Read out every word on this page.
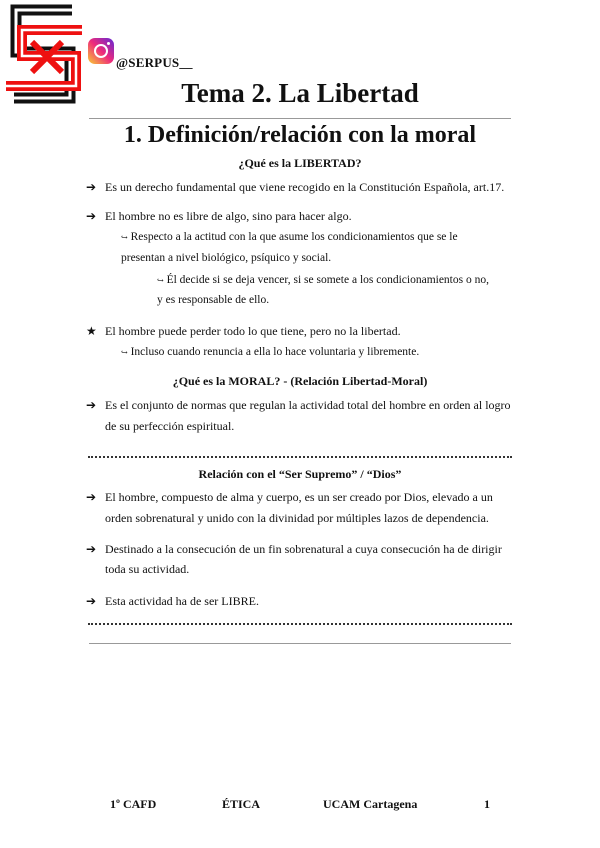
@SERPUS__
Tema 2. La Libertad
1. Definición/relación con la moral
¿Qué es la LIBERTAD?
➔ Es un derecho fundamental que viene recogido en la Constitución Española, art.17.
➔ El hombre no es libre de algo, sino para hacer algo.
↪ Respecto a la actitud con la que asume los condicionamientos que se le
presentan a nivel biológico, psíquico y social.
↪ Él decide si se deja vencer, si se somete a los condicionamientos o no,
y es responsable de ello.
★ El hombre puede perder todo lo que tiene, pero no la libertad.
↪ Incluso cuando renuncia a ella lo hace voluntaria y libremente.
¿Qué es la MORAL? - (Relación Libertad-Moral)
➔ Es el conjunto de normas que regulan la actividad total del hombre en orden al logro
de su perfección espiritual.
Relación con el “Ser Supremo” / “Dios”
➔ El hombre, compuesto de alma y cuerpo, es un ser creado por Dios, elevado a un
orden sobrenatural y unido con la divinidad por múltiples lazos de dependencia.
➔ Destinado a la consecución de un fin sobrenatural a cuya consecución ha de dirigir
toda su actividad.
➔ Esta actividad ha de ser LIBRE.
1º CAFD	ÉTICA	UCAM Cartagena	1
